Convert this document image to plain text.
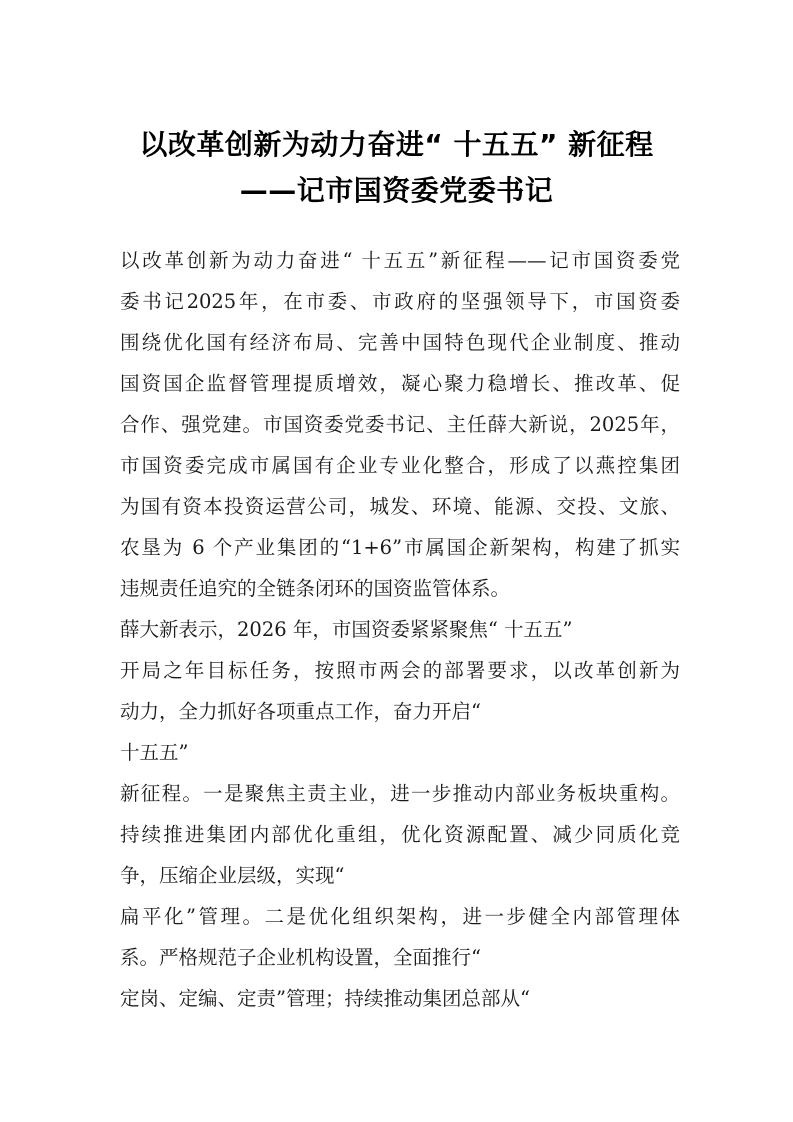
以改革创新为动力奋进“ 十五五” 新征程
——记市国资委党委书记
以改革创新为动力奋进“ 十五五”新征程——记市国资委党
委书记2025年，在市委、市政府的坚强领导下，市国资委
围绕优化国有经济布局、完善中国特色现代企业制度、推动
国资国企监督管理提质增效，凝心聚力稳增长、推改革、促
合作、强党建。市国资委党委书记、主任薛大新说，2025年，
市国资委完成市属国有企业专业化整合，形成了以燕控集团
为国有资本投资运营公司，城发、环境、能源、交投、文旅、
农垦为 6 个产业集团的“1+6”市属国企新架构，构建了抓实
违规责任追究的全链条闭环的国资监管体系。
薛大新表示，2026 年，市国资委紧紧聚焦“ 十五五”
开局之年目标任务，按照市两会的部署要求，以改革创新为
动力，全力抓好各项重点工作，奋力开启“
十五五”
新征程。一是聚焦主责主业，进一步推动内部业务板块重构。
持续推进集团内部优化重组，优化资源配置、减少同质化竞
争，压缩企业层级，实现“
扁平化”管理。二是优化组织架构，进一步健全内部管理体
系。严格规范子企业机构设置，全面推行“
定岗、定编、定责”管理；持续推动集团总部从“
